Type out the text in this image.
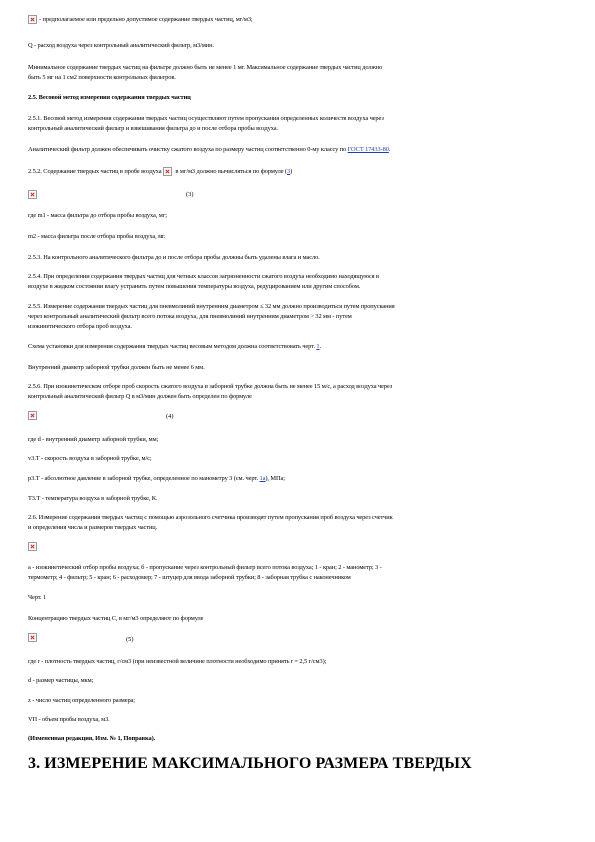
- предполагаемое или предельно допустимое содержание твердых частиц, мг/м3;
Q - расход воздуха через контрольный аналитический фильтр, м3/мин.
Минимальное содержание твердых частиц на фильтре должно быть не менее 1 мг. Максимальное содержание твердых частиц должно
быть 5 мг на 1 см2 поверхности контрольных фильтров.
2.5. Весовой метод измерения содержания твердых частиц
2.5.1. Весовой метод измерения содержания твердых частиц осуществляют путем пропускания определенных количеств воздуха через
контрольный аналитический фильтр и взвешивания фильтра до и после отбора пробы воздуха.
Аналитический фильтр должен обеспечивать очистку сжатого воздуха по размеру частиц соответственно 0-му классу по ГОСТ 17433-80.
2.5.2. Содержание твердых частиц в пробе воздуха  в мг/м3 должно вычисляться по формуле (3)
(3)
где m1 - масса фильтра до отбора пробы воздуха, мг;
m2 - масса фильтра после отбора пробы воздуха, мг.
2.5.3. На контрольного аналитического фильтра до и после отбора пробы должны быть удалены влага и масло.
2.5.4. При определении содержания твердых частиц для четных классов загрязненности сжатого воздуха необходимо находящуюся в
воздухе в жидком состоянии влагу устранить путем повышения температуры воздуха, редуцированием или другим способом.
2.5.5. Измерение содержания твердых частиц для пневмолиний внутренним диаметром ≤ 32 мм должно производиться путем пропускания
через контрольный аналитический фильтр всего потока воздуха, для пневмолиний внутренним диаметром > 32 мм - путем
изокинетического отбора проб воздуха.
Схема установки для измерения содержания твердых частиц весовым методом должна соответствовать черт. 1.
Внутренний диаметр заборной трубки должен быть не менее 6 мм.
2.5.6. При изокинетическом отборе проб скорость сжатого воздуха в заборной трубке должна быть не менее 15 м/с, а расход воздуха через
контрольный аналитический фильтр Q в м3/мин должен быть определен по формуле
(4)
где d - внутренний диаметр заборной трубки, мм;
v3.Т - скорость воздуха в заборной трубке, м/с;
p3.Т - абсолютное давление в заборной трубке, определенное по манометру 3 (см. черт. 1а), МПа;
Т3.Т - температура воздуха в заборной трубке, К.
2.6. Измерение содержания твердых частиц с помощью аэрозольного счетчика производят путем пропускания проб воздуха через счетчик
и определения числа и размеров твердых частиц.
а - изокинетический отбор пробы воздуха; б - пропускание через контрольный фильтр всего потока воздуха; 1 - кран; 2 - манометр; 3 -
термометр; 4 - фильтр; 5 - кран; 6 - расходомер; 7 - штуцер для ввода заборной трубки; 8 - заборная трубка с наконечником
Черт. 1
Концентрацию твердых частиц С, в мг/м3 определяют по формуле
(5)
где r - плотность твердых частиц, г/см3 (при неизвестной величине плотности необходимо принять r = 2,5 г/см3);
d - размер частицы, мкм;
z - число частиц определенного размера;
VП - объем пробы воздуха, м3.
(Измененная редакция, Изм. № 1, Поправка).
3. ИЗМЕРЕНИЕ МАКСИМАЛЬНОГО РАЗМЕРА ТВЕРДЫХ
